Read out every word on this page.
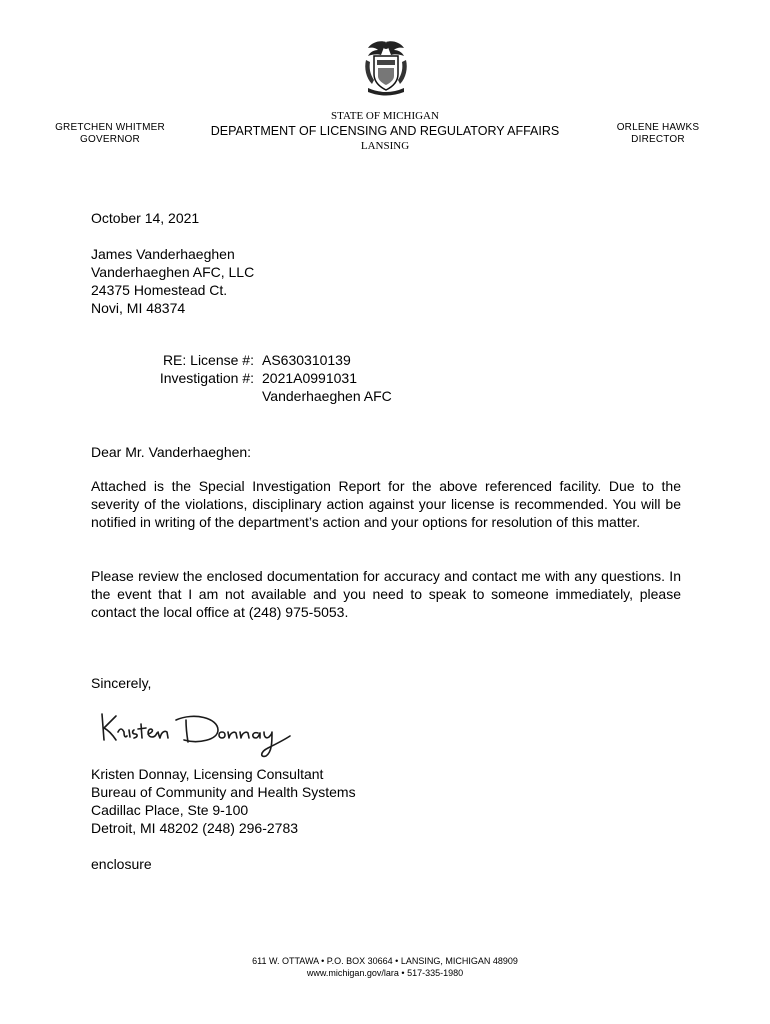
GRETCHEN WHITMER
GOVERNOR
STATE OF MICHIGAN
DEPARTMENT OF LICENSING AND REGULATORY AFFAIRS
LANSING
ORLENE HAWKS
DIRECTOR
October 14, 2021
James Vanderhaeghen
Vanderhaeghen AFC, LLC
24375 Homestead Ct.
Novi, MI 48374
RE: License #:
Investigation #:
AS630310139
2021A0991031
Vanderhaeghen AFC
Dear Mr. Vanderhaeghen:
Attached is the Special Investigation Report for the above referenced facility. Due to the severity of the violations, disciplinary action against your license is recommended. You will be notified in writing of the department’s action and your options for resolution of this matter.
Please review the enclosed documentation for accuracy and contact me with any questions. In the event that I am not available and you need to speak to someone immediately, please contact the local office at (248) 975-5053.
Sincerely,
Kristen Donnay, Licensing Consultant
Bureau of Community and Health Systems
Cadillac Place, Ste 9-100
Detroit, MI 48202 (248) 296-2783
enclosure
611 W. OTTAWA • P.O. BOX 30664 • LANSING, MICHIGAN 48909
www.michigan.gov/lara • 517-335-1980
